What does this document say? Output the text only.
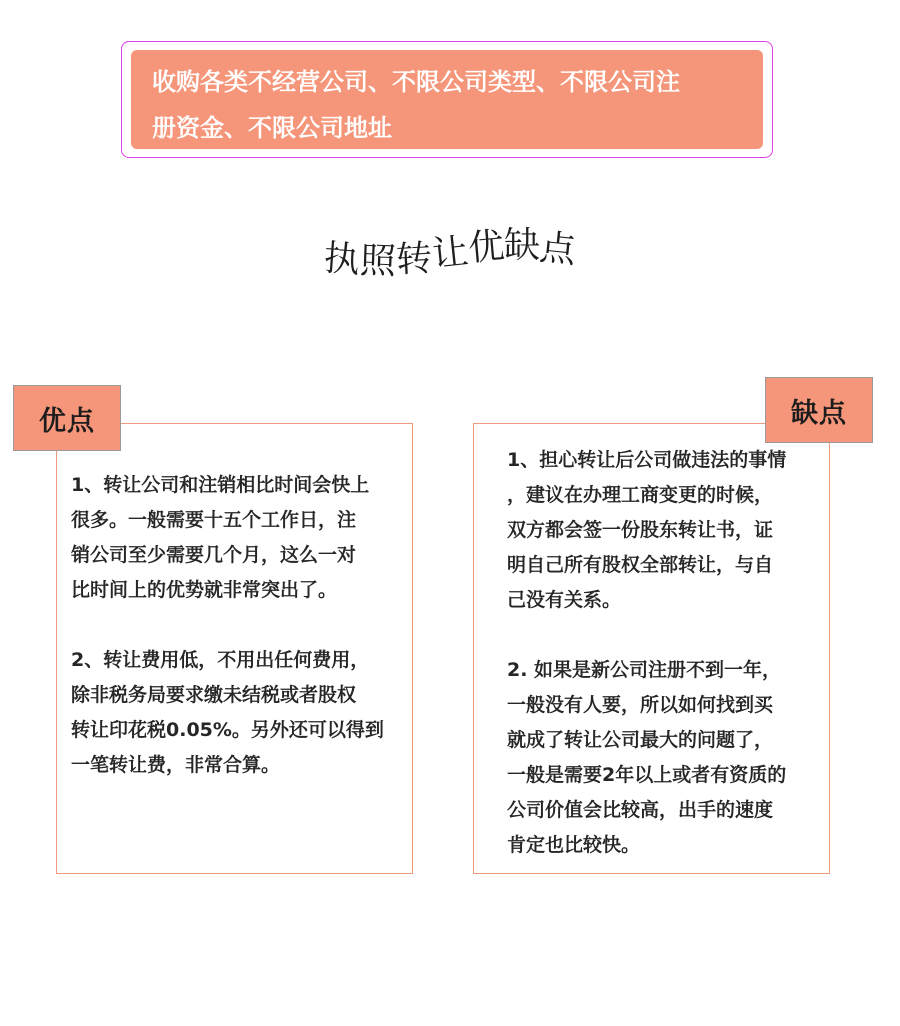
收购各类不经营公司、不限公司类型、不限公司注
册资金、不限公司地址
执
照
转
让
优
缺
点
1、转让公司和注销相比时间会快上
很多。一般需要十五个工作日，注
销公司至少需要几个月，这么一对
比时间上的优势就非常突出了。
2、转让费用低，不用出任何费用，
除非税务局要求缴未结税或者股权
转让印花税0.05%。另外还可以得到
一笔转让费，非常合算。
优点
1、担心转让后公司做违法的事情
，建议在办理工商变更的时候，
双方都会签一份股东转让书，证
明自己所有股权全部转让，与自
己没有关系。
2. 如果是新公司注册不到一年，
一般没有人要，所以如何找到买
就成了转让公司最大的问题了，
一般是需要2年以上或者有资质的
公司价值会比较高，出手的速度
肯定也比较快。
缺点
